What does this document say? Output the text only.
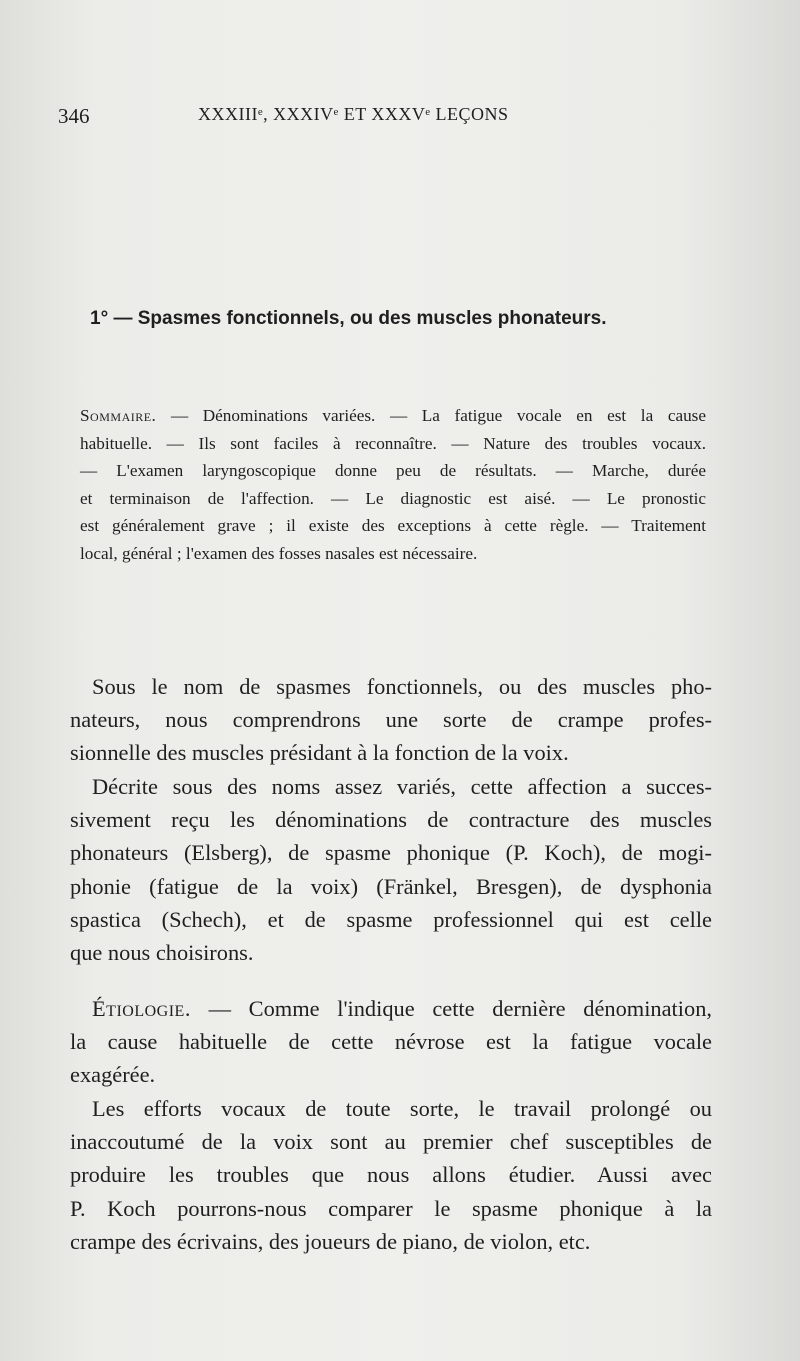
346	XXXIIIᵉ, XXXIVᵉ ET XXXVᵉ LEÇONS
1° — Spasmes fonctionnels, ou des muscles phonateurs.
Sommaire. — Dénominations variées. — La fatigue vocale en est la cause
habituelle. — Ils sont faciles à reconnaître. — Nature des troubles vocaux.
— L'examen laryngoscopique donne peu de résultats. — Marche, durée
et terminaison de l'affection. — Le diagnostic est aisé. — Le pronostic
est généralement grave ; il existe des exceptions à cette règle. — Traitement
local, général ; l'examen des fosses nasales est nécessaire.
Sous le nom de spasmes fonctionnels, ou des muscles pho-
nateurs, nous comprendrons une sorte de crampe profes-
sionnelle des muscles présidant à la fonction de la voix.
Décrite sous des noms assez variés, cette affection a succes-
sivement reçu les dénominations de contracture des muscles
phonateurs (Elsberg), de spasme phonique (P. Koch), de mogi-
phonie (fatigue de la voix) (Fränkel, Bresgen), de dysphonia
spastica (Schech), et de spasme professionnel qui est celle
que nous choisirons.
Étiologie. — Comme l'indique cette dernière dénomination,
la cause habituelle de cette névrose est la fatigue vocale
exagérée.
Les efforts vocaux de toute sorte, le travail prolongé ou
inaccoutumé de la voix sont au premier chef susceptibles de
produire les troubles que nous allons étudier. Aussi avec
P. Koch pourrons-nous comparer le spasme phonique à la
crampe des écrivains, des joueurs de piano, de violon, etc.
